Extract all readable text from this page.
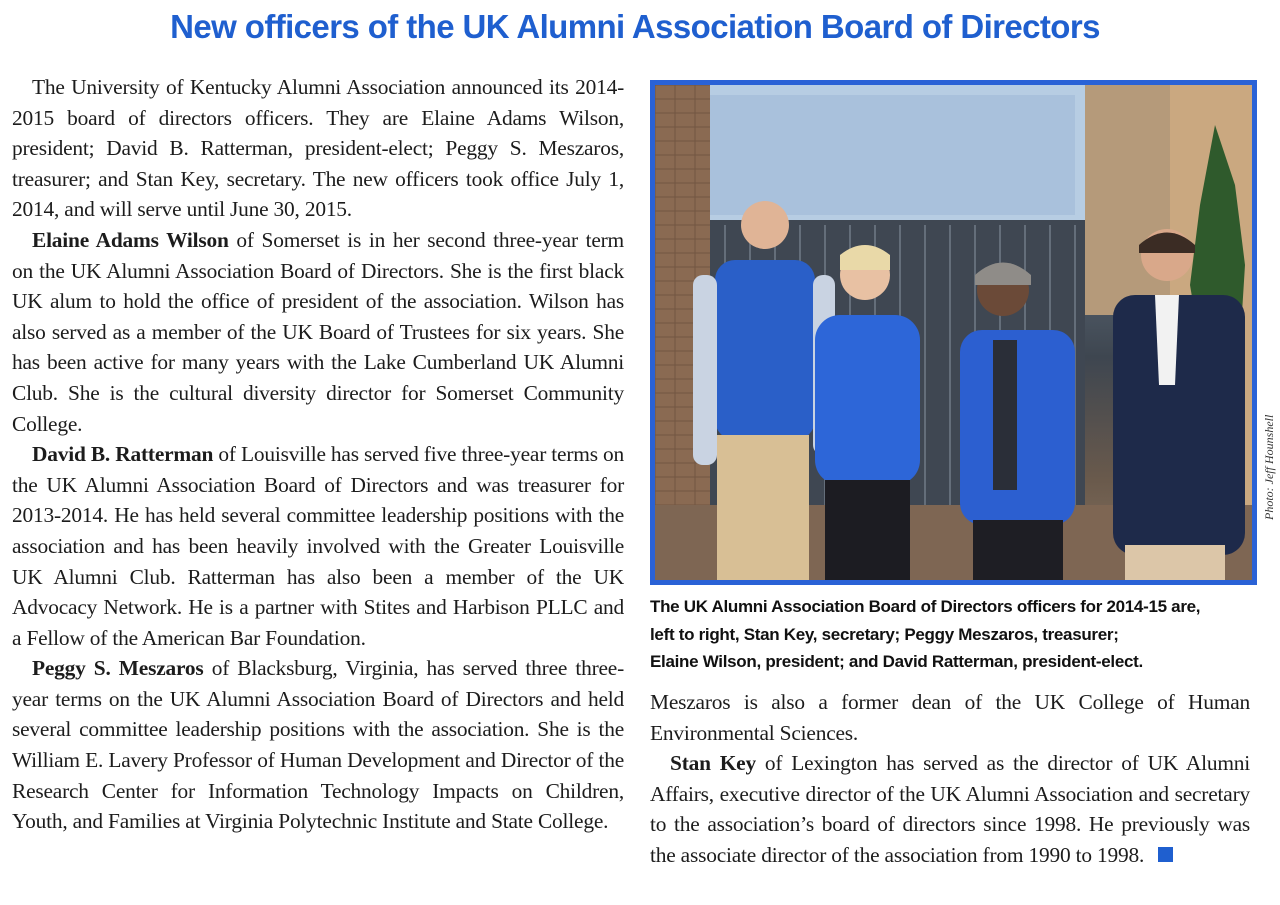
New officers of the UK Alumni Association Board of Directors

The University of Kentucky Alumni Association announced its 2014-2015 board of directors officers. They are Elaine Adams Wilson, president; David B. Ratterman, president-elect; Peggy S. Meszaros, treasurer; and Stan Key, secretary. The new officers took office July 1, 2014, and will serve until June 30, 2015.

Elaine Adams Wilson of Somerset is in her second three-year term on the UK Alumni Association Board of Directors. She is the first black UK alum to hold the office of president of the association. Wilson has also served as a member of the UK Board of Trustees for six years. She has been active for many years with the Lake Cumberland UK Alumni Club. She is the cultural diversity director for Somerset Community College.

David B. Ratterman of Louisville has served five three-year terms on the UK Alumni Association Board of Directors and was treasurer for 2013-2014. He has held several committee leadership positions with the association and has been heavily involved with the Greater Louisville UK Alumni Club. Ratterman has also been a member of the UK Advocacy Network. He is a partner with Stites and Harbison PLLC and a Fellow of the American Bar Foundation.

Peggy S. Meszaros of Blacksburg, Virginia, has served three three-year terms on the UK Alumni Association Board of Directors and held several committee leadership positions with the association. She is the William E. Lavery Professor of Human Development and Director of the Research Center for Information Technology Impacts on Children, Youth, and Families at Virginia Polytechnic Institute and State College.

Photo: Jeff Hounshell

The UK Alumni Association Board of Directors officers for 2014-15 are,

left to right, Stan Key, secretary; Peggy Meszaros, treasurer;

Elaine Wilson, president; and David Ratterman, president-elect.

Meszaros is also a former dean of the UK College of Human Environmental Sciences.

Stan Key of Lexington has served as the director of UK Alumni Affairs, executive director of the UK Alumni Association and secretary to the association’s board of directors since 1998. He previously was the associate director of the association from 1990 to 1998.
